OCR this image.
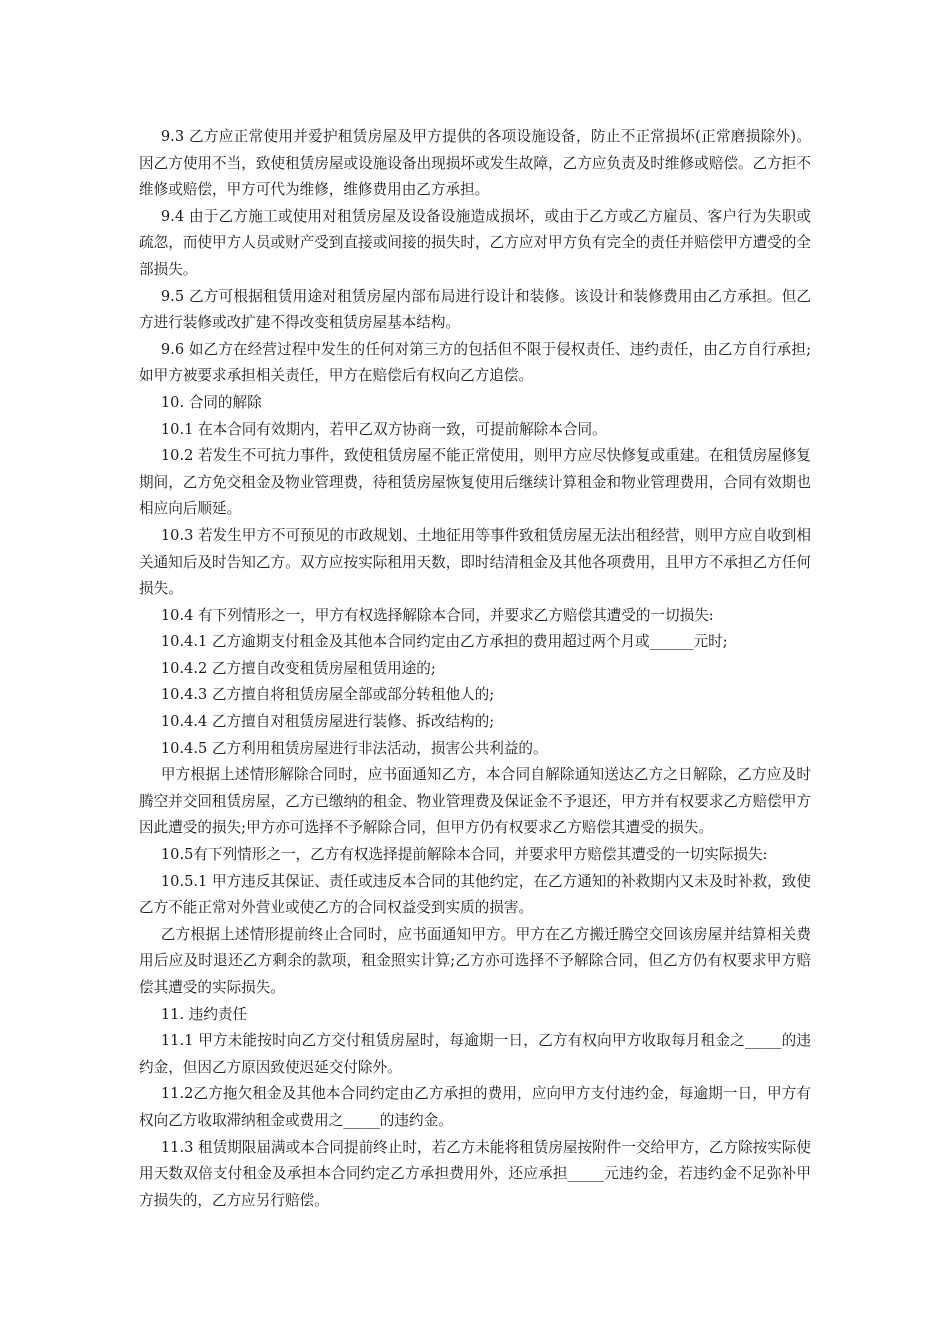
9.3 乙方应正常使用并爱护租赁房屋及甲方提供的各项设施设备，防止不正常损坏(正常磨损除外)。因乙方使用不当，致使租赁房屋或设施设备出现损坏或发生故障，乙方应负责及时维修或赔偿。乙方拒不维修或赔偿，甲方可代为维修，维修费用由乙方承担。

9.4 由于乙方施工或使用对租赁房屋及设备设施造成损坏，或由于乙方或乙方雇员、客户行为失职或疏忽，而使甲方人员或财产受到直接或间接的损失时，乙方应对甲方负有完全的责任并赔偿甲方遭受的全部损失。

9.5 乙方可根据租赁用途对租赁房屋内部布局进行设计和装修。该设计和装修费用由乙方承担。但乙方进行装修或改扩建不得改变租赁房屋基本结构。

9.6 如乙方在经营过程中发生的任何对第三方的包括但不限于侵权责任、违约责任，由乙方自行承担;如甲方被要求承担相关责任，甲方在赔偿后有权向乙方追偿。

10. 合同的解除

10.1 在本合同有效期内，若甲乙双方协商一致，可提前解除本合同。

10.2 若发生不可抗力事件，致使租赁房屋不能正常使用，则甲方应尽快修复或重建。在租赁房屋修复期间，乙方免交租金及物业管理费，待租赁房屋恢复使用后继续计算租金和物业管理费用，合同有效期也相应向后顺延。

10.3 若发生甲方不可预见的市政规划、土地征用等事件致租赁房屋无法出租经营，则甲方应自收到相关通知后及时告知乙方。双方应按实际租用天数，即时结清租金及其他各项费用，且甲方不承担乙方任何损失。

10.4 有下列情形之一，甲方有权选择解除本合同，并要求乙方赔偿其遭受的一切损失:

10.4.1 乙方逾期支付租金及其他本合同约定由乙方承担的费用超过两个月或______元时;

10.4.2 乙方擅自改变租赁房屋租赁用途的;

10.4.3 乙方擅自将租赁房屋全部或部分转租他人的;

10.4.4 乙方擅自对租赁房屋进行装修、拆改结构的;

10.4.5 乙方利用租赁房屋进行非法活动，损害公共利益的。

甲方根据上述情形解除合同时，应书面通知乙方，本合同自解除通知送达乙方之日解除，乙方应及时腾空并交回租赁房屋，乙方已缴纳的租金、物业管理费及保证金不予退还，甲方并有权要求乙方赔偿甲方因此遭受的损失;甲方亦可选择不予解除合同，但甲方仍有权要求乙方赔偿其遭受的损失。

10.5有下列情形之一，乙方有权选择提前解除本合同，并要求甲方赔偿其遭受的一切实际损失:

10.5.1 甲方违反其保证、责任或违反本合同的其他约定，在乙方通知的补救期内又未及时补救，致使乙方不能正常对外营业或使乙方的合同权益受到实质的损害。

乙方根据上述情形提前终止合同时，应书面通知甲方。甲方在乙方搬迁腾空交回该房屋并结算相关费用后应及时退还乙方剩余的款项，租金照实计算;乙方亦可选择不予解除合同，但乙方仍有权要求甲方赔偿其遭受的实际损失。

11. 违约责任

11.1 甲方未能按时向乙方交付租赁房屋时，每逾期一日，乙方有权向甲方收取每月租金之_____的违约金，但因乙方原因致使迟延交付除外。

11.2乙方拖欠租金及其他本合同约定由乙方承担的费用，应向甲方支付违约金，每逾期一日，甲方有权向乙方收取滞纳租金或费用之_____的违约金。

11.3 租赁期限届满或本合同提前终止时，若乙方未能将租赁房屋按附件一交给甲方，乙方除按实际使用天数双倍支付租金及承担本合同约定乙方承担费用外，还应承担_____元违约金，若违约金不足弥补甲方损失的，乙方应另行赔偿。
